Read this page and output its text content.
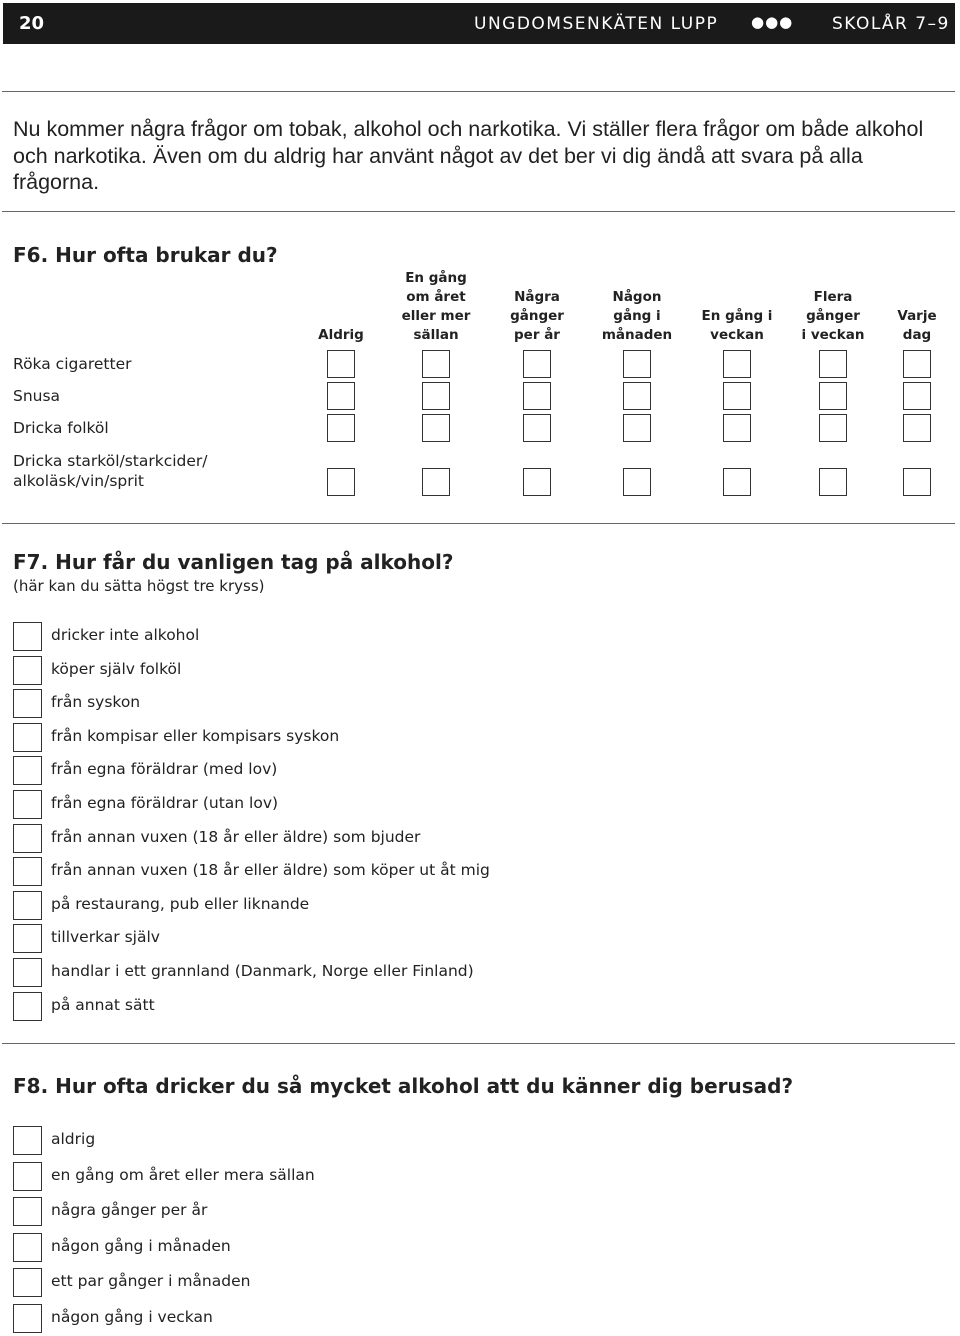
20	UNGDOMSENKÄTEN LUPP ●●● SKOLÅR 7–9
Nu kommer några frågor om tobak, alkohol och narkotika. Vi ställer flera frågor om både alkohol och narkotika. Även om du aldrig har använt något av det ber vi dig ändå att svara på alla frågorna.
F6. Hur ofta brukar du?
Aldrig
En gång
om året
eller mer
sällan
Några
gånger
per år
Någon
gång i
månaden
En gång i
veckan
Flera
gånger
i veckan
Varje
dag
Röka cigaretter
Snusa
Dricka folköl
Dricka starköl/starkcider/
alkoläsk/vin/sprit
F7. Hur får du vanligen tag på alkohol?
(här kan du sätta högst tre kryss)
dricker inte alkohol
köper själv folköl
från syskon
från kompisar eller kompisars syskon
från egna föräldrar (med lov)
från egna föräldrar (utan lov)
från annan vuxen (18 år eller äldre) som bjuder
från annan vuxen (18 år eller äldre) som köper ut åt mig
på restaurang, pub eller liknande
tillverkar själv
handlar i ett grannland (Danmark, Norge eller Finland)
på annat sätt
F8. Hur ofta dricker du så mycket alkohol att du känner dig berusad?
aldrig
en gång om året eller mera sällan
några gånger per år
någon gång i månaden
ett par gånger i månaden
någon gång i veckan
